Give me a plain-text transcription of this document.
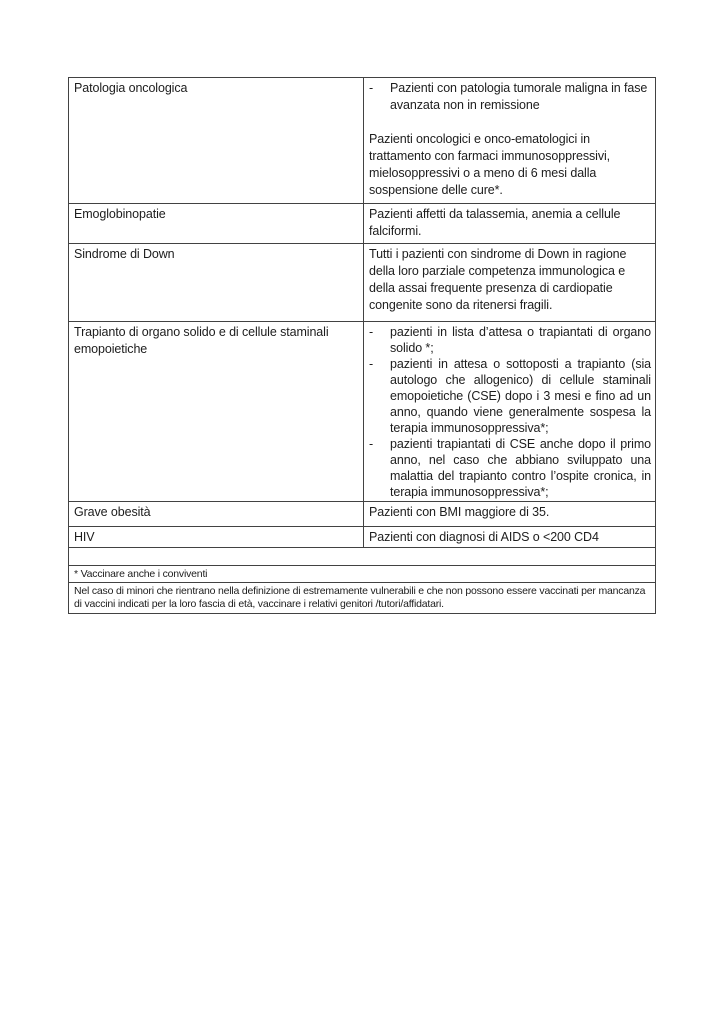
Patologia oncologica	- Pazienti con patologia tumorale maligna in fase avanzata non in remissione
Pazienti oncologici e onco-ematologici in trattamento con farmaci immunosoppressivi, mielosoppressivi o a meno di 6 mesi dalla sospensione delle cure*.

Emoglobinopatie	Pazienti affetti da talassemia, anemia a cellule falciformi.

Sindrome di Down	Tutti i pazienti con sindrome di Down in ragione della loro parziale competenza immunologica e della assai frequente presenza di cardiopatie congenite sono da ritenersi fragili.

Trapianto di organo solido e di cellule staminali emopoietiche	
-	pazienti in lista d’attesa o trapiantati di organo solido *;
-	pazienti in attesa o sottoposti a trapianto (sia autologo che allogenico) di cellule staminali emopoietiche (CSE) dopo i 3 mesi e fino ad un anno, quando viene generalmente sospesa la terapia immunosoppressiva*;
-	pazienti trapiantati di CSE anche dopo il primo anno, nel caso che abbiano sviluppato una malattia del trapianto contro l’ospite cronica, in terapia immunosoppressiva*;

Grave obesità	Pazienti con BMI maggiore di 35.

HIV	Pazienti con diagnosi di AIDS o <200 CD4

* Vaccinare anche i conviventi	
Nel caso di minori che rientrano nella definizione di estremamente vulnerabili e che non possono essere vaccinati per mancanza di vaccini indicati per la loro fascia di età, vaccinare i relativi genitori /tutori/affidatari.	
